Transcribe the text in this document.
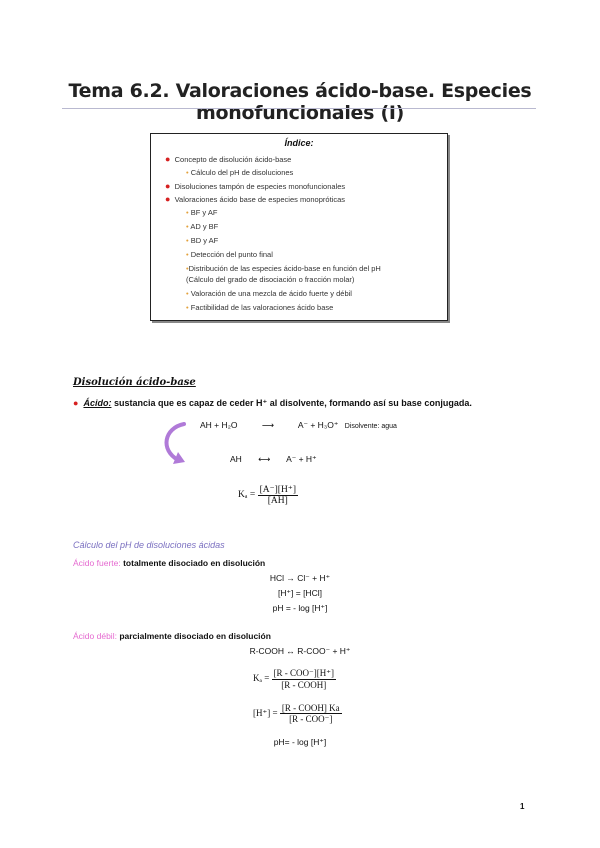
Tema 6.2. Valoraciones ácido-base. Especies monofuncionales (I)
Índice:
● Concepto de disolución ácido-base
• Cálculo del pH de disoluciones
● Disoluciones tampón de especies monofuncionales
● Valoraciones ácido base de especies monopróticas
• BF y AF
• AD y BF
• BD y AF
• Detección del punto final
•Distribución de las especies ácido-base en función del pH
(Cálculo del grado de disociación o fracción molar)
• Valoración de una mezcla de ácido fuerte y débil
• Factibilidad de las valoraciones ácido base
Disolución ácido-base
● Ácido: sustancia que es capaz de ceder H⁺ al disolvente, formando así su base conjugada.
AH + H₂O	⟶	A⁻ + H₃O⁺ Disolvente: agua
AH ⟷ A⁻ + H⁺
$K_a = \frac{[A^-][H^+]}{[AH]}$
Cálculo del pH de disoluciones ácidas
Ácido fuerte: totalmente disociado en disolución
HCl → Cl⁻ + H⁺
[H⁺] = [HCl]
pH = - log [H⁺]
Ácido débil: parcialmente disociado en disolución
R-COOH ↔ R-COO⁻ + H⁺
$K_a = \frac{\text{[R - COO⁻][H⁺]}}{\text{[R - COOH]}}$
$[H^+] = \frac{\text{[R - COOH] Ka}}{\text{[R - COO⁻]}}$
pH= - log [H⁺]
1
